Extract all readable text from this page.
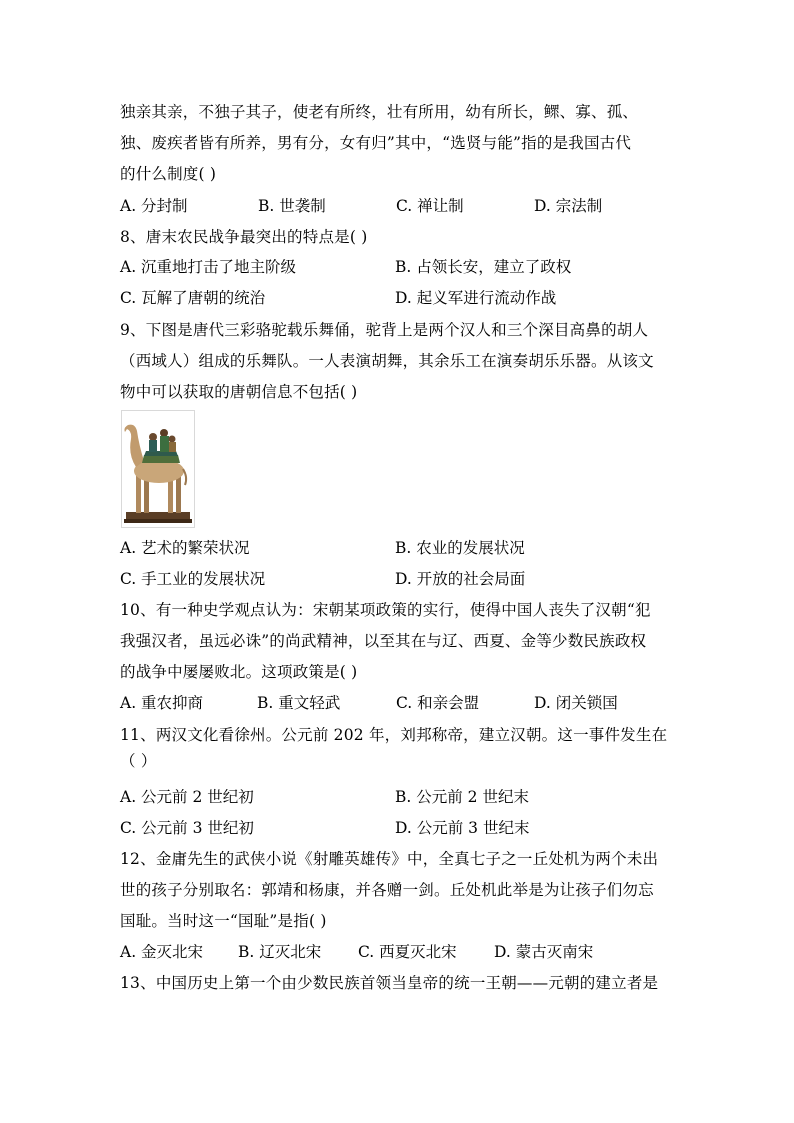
独亲其亲，不独子其子，使老有所终，壮有所用，幼有所长，鳏、寡、孤、
独、废疾者皆有所养，男有分，女有归”其中，“选贤与能”指的是我国古代
的什么制度( )
A. 分封制	B. 世袭制	C. 禅让制	D. 宗法制
8、唐末农民战争最突出的特点是( )
A. 沉重地打击了地主阶级	B. 占领长安，建立了政权
C. 瓦解了唐朝的统治	D. 起义军进行流动作战
9、下图是唐代三彩骆驼载乐舞俑，驼背上是两个汉人和三个深目高鼻的胡人
（西域人）组成的乐舞队。一人表演胡舞，其余乐工在演奏胡乐乐器。从该文
物中可以获取的唐朝信息不包括( )
A. 艺术的繁荣状况	B. 农业的发展状况
C. 手工业的发展状况	D. 开放的社会局面
10、有一种史学观点认为：宋朝某项政策的实行，使得中国人丧失了汉朝“犯
我强汉者，虽远必诛”的尚武精神，以至其在与辽、西夏、金等少数民族政权
的战争中屡屡败北。这项政策是( )
A. 重农抑商	B. 重文轻武	C. 和亲会盟	D. 闭关锁国
11、两汉文化看徐州。公元前 202 年，刘邦称帝，建立汉朝。这一事件发生在
（ ）
A. 公元前 2 世纪初	B. 公元前 2 世纪末
C. 公元前 3 世纪初	D. 公元前 3 世纪末
12、金庸先生的武侠小说《射雕英雄传》中，全真七子之一丘处机为两个未出
世的孩子分别取名：郭靖和杨康，并各赠一剑。丘处机此举是为让孩子们勿忘
国耻。当时这一“国耻”是指( )
A. 金灭北宋 B. 辽灭北宋 C. 西夏灭北宋 D. 蒙古灭南宋
13、中国历史上第一个由少数民族首领当皇帝的统一王朝——元朝的建立者是
